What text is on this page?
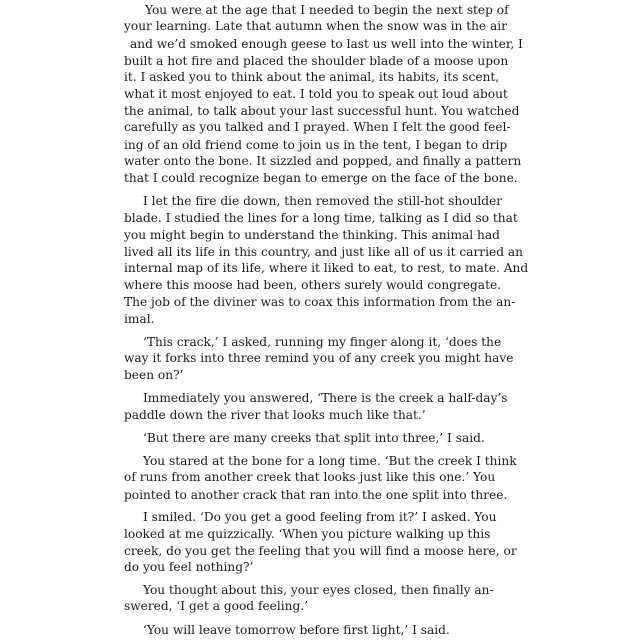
You were at the age that I needed to begin the next step of
your learning. Late that autumn when the snow was in the air
and we’d smoked enough geese to last us well into the winter, I
built a hot fire and placed the shoulder blade of a moose upon
it. I asked you to think about the animal, its habits, its scent,
what it most enjoyed to eat. I told you to speak out loud about
the animal, to talk about your last successful hunt. You watched
carefully as you talked and I prayed. When I felt the good feel-
ing of an old friend come to join us in the tent, I began to drip
water onto the bone. It sizzled and popped, and finally a pattern
that I could recognize began to emerge on the face of the bone.
I let the fire die down, then removed the still-hot shoulder
blade. I studied the lines for a long time, talking as I did so that
you might begin to understand the thinking. This animal had
lived all its life in this country, and just like all of us it carried an
internal map of its life, where it liked to eat, to rest, to mate. And
where this moose had been, others surely would congregate.
The job of the diviner was to coax this information from the an-
imal.
‘This crack,’ I asked, running my finger along it, ‘does the
way it forks into three remind you of any creek you might have
been on?’
Immediately you answered, ‘There is the creek a half-day’s
paddle down the river that looks much like that.’
‘But there are many creeks that split into three,’ I said.
You stared at the bone for a long time. ‘But the creek I think
of runs from another creek that looks just like this one.’ You
pointed to another crack that ran into the one split into three.
I smiled. ‘Do you get a good feeling from it?’ I asked. You
looked at me quizzically. ‘When you picture walking up this
creek, do you get the feeling that you will find a moose here, or
do you feel nothing?’
You thought about this, your eyes closed, then finally an-
swered, ‘I get a good feeling.’
‘You will leave tomorrow before first light,’ I said.
